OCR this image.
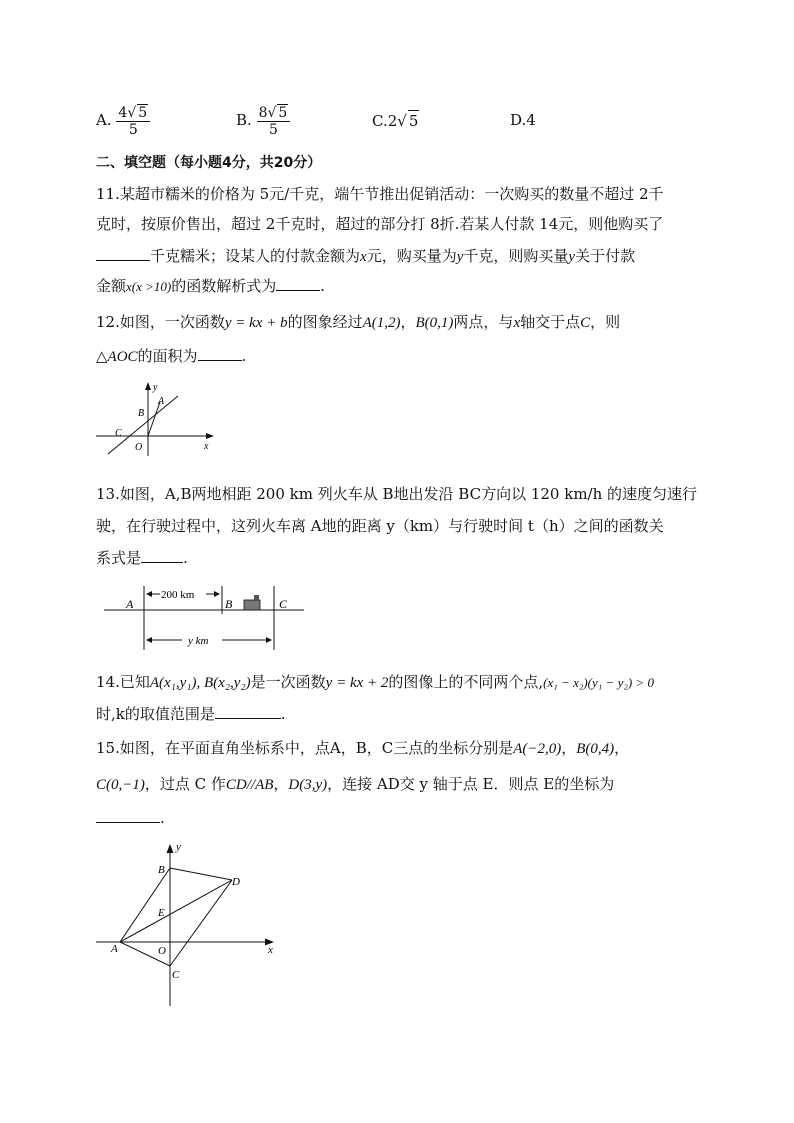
A. $\frac{4√ 5}{5}$	B. $\frac{8√ 5}{5}$	C.2√ 5	D.4
二、填空题（每小题4分，共20分）
11.某超市糯米的价格为 5元/千克，端午节推出促销活动：一次购买的数量不超过 2千
克时，按原价售出，超过 2千克时，超过的部分打 8折.若某人付款 14元，则他购买了
千克糯米；设某人的付款金额为x元，购买量为y千克，则购买量y关于付款
金额x(x >10)的函数解析式为	.
12.如图，一次函数y = kx + b的图象经过A(1,2)，B(0,1)两点，与x轴交于点C，则
△AOC的面积为	.
y
x
A
B
C
O
13.如图，A,B两地相距 200 km 列火车从 B地出发沿 BC方向以 120 km/h 的速度匀速行
驶，在行驶过程中，这列火车离 A地的距离 y（km）与行驶时间 t（h）之间的函数关
系式是	.
200 km
y km
A	B	C
14.已知A(x₁,y₁), B(x₂,y₂)是一次函数y = kx + 2的图像上的不同两个点,(x₁ − x₂)(y₁ − y₂) > 0
时,k的取值范围是	.
15.如图，在平面直角坐标系中，点A，B，C三点的坐标分别是A(−2,0)，B(0,4)，
C(0,−1)，过点 C 作CD//AB，D(3,y)，连接 AD交 y 轴于点 E．则点 E的坐标为
.
y
x
B
D
E
A	O
C
